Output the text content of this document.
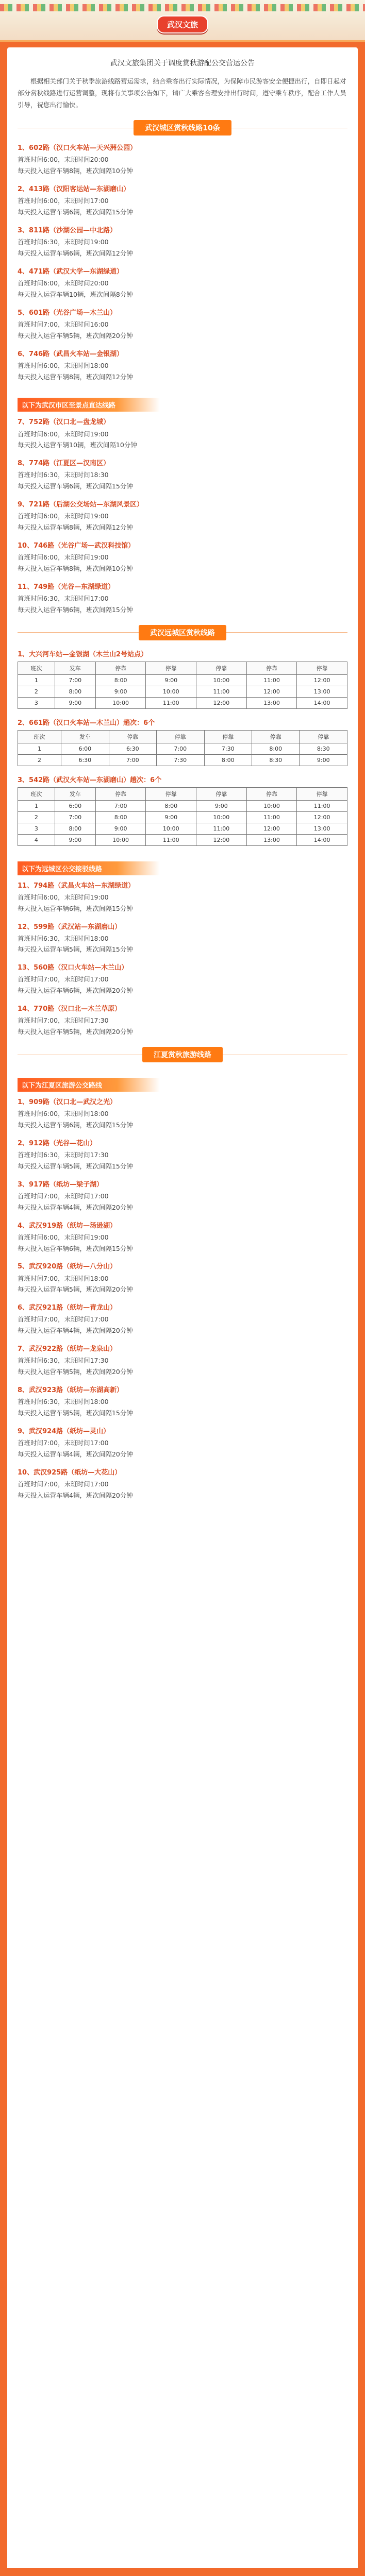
武汉文旅
武汉文旅集团关于调度赏秋游配公交营运公告

根据相关部门关于秋季旅游线路营运需求，结合乘客出行实际情况，为保障市民游客安全便捷出行，自即日起对部分赏秋线路进行运营调整，现将有关事项公告如下，请广大乘客合理安排出行时间，遵守乘车秩序，配合工作人员引导，祝您出行愉快。

武汉城区赏秋线路10条
1、602路（汉口火车站—天兴洲公园）
首班时间6:00，末班时间20:00
每天投入运营车辆8辆，班次间隔10分钟
2、413路（汉阳客运站—东湖磨山）
首班时间6:00，末班时间17:00
每天投入运营车辆6辆，班次间隔15分钟
3、811路（沙湖公园—中北路）
首班时间6:30，末班时间19:00
每天投入运营车辆6辆，班次间隔12分钟
4、471路（武汉大学—东湖绿道）
首班时间6:00，末班时间20:00
每天投入运营车辆10辆，班次间隔8分钟
5、601路（光谷广场—木兰山）
首班时间7:00，末班时间16:00
每天投入运营车辆5辆，班次间隔20分钟
6、746路（武昌火车站—金银湖）
首班时间6:00，末班时间18:00
每天投入运营车辆8辆，班次间隔12分钟
以下为武汉市区至景点直达线路
7、752路（汉口北—盘龙城）
首班时间6:00，末班时间19:00
每天投入运营车辆10辆，班次间隔10分钟
8、774路（江夏区—汉南区）
首班时间6:30，末班时间18:30
每天投入运营车辆6辆，班次间隔15分钟
9、721路（后湖公交场站—东湖风景区）
首班时间6:00，末班时间19:00
每天投入运营车辆8辆，班次间隔12分钟
10、746路（光谷广场—武汉科技馆）
首班时间6:00，末班时间19:00
每天投入运营车辆8辆，班次间隔10分钟
11、749路（光谷—东湖绿道）
首班时间6:30，末班时间17:00
每天投入运营车辆6辆，班次间隔15分钟
武汉远城区赏秋线路
1、大兴河车站—金银湖（木兰山2号站点）
班次	发车	停靠	停靠	停靠	停靠	停靠
1	7:00	8:00	9:00	10:00	11:00	12:00
2	8:00	9:00	10:00	11:00	12:00	13:00
3	9:00	10:00	11:00	12:00	13:00	14:00
2、661路（汉口火车站—木兰山）趟次：6个
班次	发车	停靠	停靠	停靠	停靠	停靠
1	6:00	6:30	7:00	7:30	8:00	8:30
2	6:30	7:00	7:30	8:00	8:30	9:00
3、542路（武汉火车站—东湖磨山）趟次：6个
班次	发车	停靠	停靠	停靠	停靠	停靠
1	6:00	7:00	8:00	9:00	10:00	11:00
2	7:00	8:00	9:00	10:00	11:00	12:00
3	8:00	9:00	10:00	11:00	12:00	13:00
4	9:00	10:00	11:00	12:00	13:00	14:00
以下为远城区公交接驳线路
11、794路（武昌火车站—东湖绿道）
首班时间6:00，末班时间19:00
每天投入运营车辆6辆，班次间隔15分钟
12、599路（武汉站—东湖磨山）
首班时间6:30，末班时间18:00
每天投入运营车辆5辆，班次间隔15分钟
13、560路（汉口火车站—木兰山）
首班时间7:00，末班时间17:00
每天投入运营车辆6辆，班次间隔20分钟
14、770路（汉口北—木兰草原）
首班时间7:00，末班时间17:30
每天投入运营车辆5辆，班次间隔20分钟
江夏赏秋旅游线路
以下为江夏区旅游公交路线
1、909路（汉口北—武汉之光）
首班时间6:00，末班时间18:00
每天投入运营车辆6辆，班次间隔15分钟
2、912路（光谷—花山）
首班时间6:30，末班时间17:30
每天投入运营车辆5辆，班次间隔15分钟
3、917路（纸坊—梁子湖）
首班时间7:00，末班时间17:00
每天投入运营车辆4辆，班次间隔20分钟
4、武汉919路（纸坊—汤逊湖）
首班时间6:00，末班时间19:00
每天投入运营车辆6辆，班次间隔15分钟
5、武汉920路（纸坊—八分山）
首班时间7:00，末班时间18:00
每天投入运营车辆5辆，班次间隔20分钟
6、武汉921路（纸坊—青龙山）
首班时间7:00，末班时间17:00
每天投入运营车辆4辆，班次间隔20分钟
7、武汉922路（纸坊—龙泉山）
首班时间6:30，末班时间17:30
每天投入运营车辆5辆，班次间隔20分钟
8、武汉923路（纸坊—东湖高新）
首班时间6:30，末班时间18:00
每天投入运营车辆5辆，班次间隔15分钟
9、武汉924路（纸坊—灵山）
首班时间7:00，末班时间17:00
每天投入运营车辆4辆，班次间隔20分钟
10、武汉925路（纸坊—大花山）
首班时间7:00，末班时间17:00
每天投入运营车辆4辆，班次间隔20分钟
